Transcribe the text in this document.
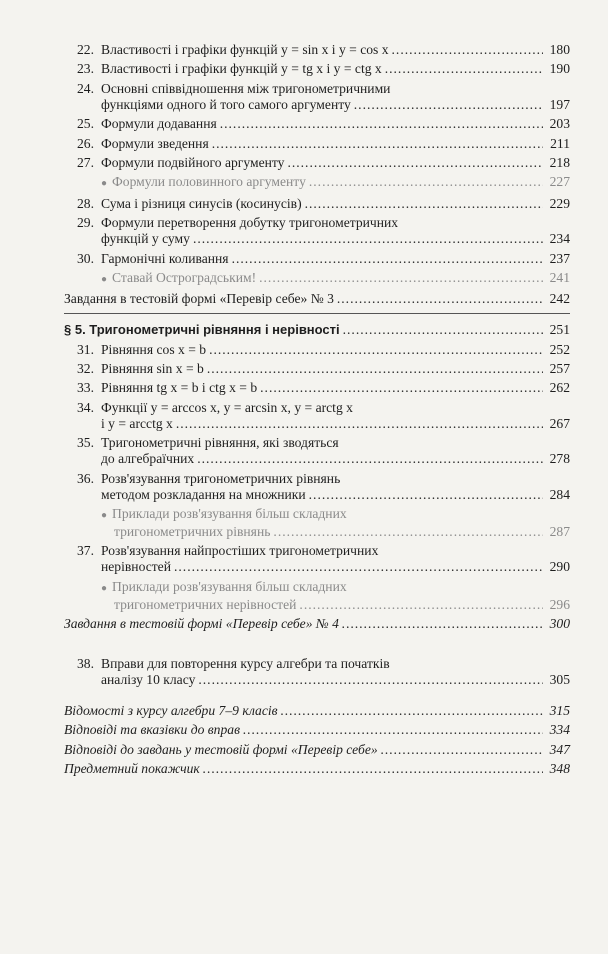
22. Властивості і графіки функцій y = sin x і y = cos x . . .	180
23. Властивості і графіки функцій y = tg x і y = ctg x . . .	190
24. Основні співвідношення між тригонометричними
функціями одного й того самого аргументу . . .	197
25. Формули додавання . . .	203
26. Формули зведення . . .	211
27. Формули подвійного аргументу . . .	218
● Формули половинного аргументу . . .	227
28. Сума і різниця синусів (косинусів) . . .	229
29. Формули перетворення добутку тригонометричних
функцій у суму . . .	234
30. Гармонічні коливання . . .	237
● Ставай Остроградським! . . .	241
Завдання в тестовій формі «Перевір себе» № 3 . . .	242
§ 5. Тригонометричні рівняння і нерівності . . .	251
31. Рівняння cos x = b . . .	252
32. Рівняння sin x = b . . .	257
33. Рівняння tg x = b і ctg x = b . . .	262
34. Функції y = arccos x, y = arcsin x, y = arctg x
і y = arcctg x . . .	267
35. Тригонометричні рівняння, які зводяться
до алгебраїчних . . .	278
36. Розв'язування тригонометричних рівнянь
методом розкладання на множники . . .	284
● Приклади розв'язування більш складних
тригонометричних рівнянь . . .	287
37. Розв'язування найпростіших тригонометричних
нерівностей . . .	290
● Приклади розв'язування більш складних
тригонометричних нерівностей . . .	296
Завдання в тестовій формі «Перевір себе» № 4 . . .	300
38. Вправи для повторення курсу алгебри та початків
аналізу 10 класу . . .	305
Відомості з курсу алгебри 7–9 класів . . .	315
Відповіді та вказівки до вправ . . .	334
Відповіді до завдань у тестовій формі «Перевір себе» . . .	347
Предметний покажчик . . .	348
